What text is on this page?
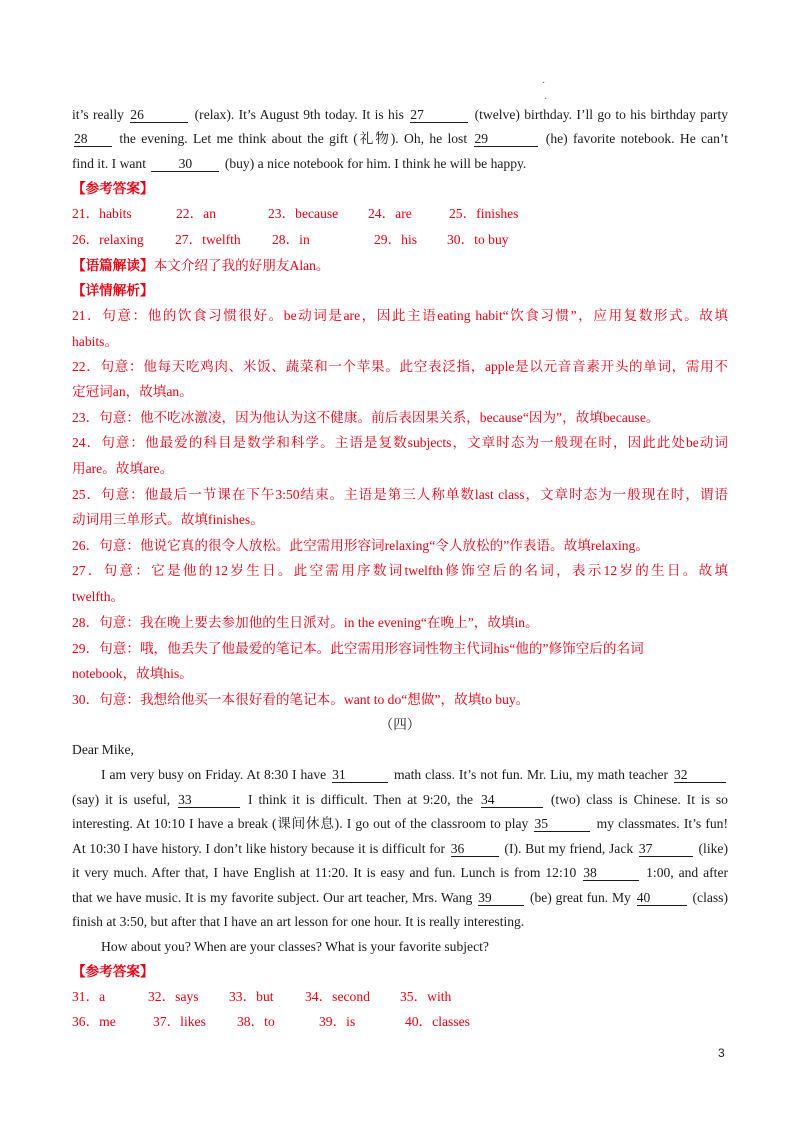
·
·
it’s really 26	(relax). It’s August 9th today. It is his 27	(twelve) birthday. I’ll go to his birthday party
28 the evening. Let me think about the gift (礼物). Oh, he lost 29	(he) favorite notebook. He can’t
find it. I want 30 (buy) a nice notebook for him. I think he will be happy.
【参考答案】
21．habits	22．an	23．because 24．are	25．finishes
26．relaxing 27．twelfth 28．in	29．his 30．to buy
【语篇解读】本文介绍了我的好朋友Alan。
【详情解析】
21．句意：他的饮食习惯很好。be动词是are，因此主语eating habit“饮食习惯”，应用复数形式。故填
habits。
22．句意：他每天吃鸡肉、米饭、蔬菜和一个苹果。此空表泛指，apple是以元音音素开头的单词，需用不
定冠词an，故填an。
23．句意：他不吃冰激凌，因为他认为这不健康。前后表因果关系，because“因为”，故填because。
24．句意：他最爱的科目是数学和科学。主语是复数subjects，文章时态为一般现在时，因此此处be动词
用are。故填are。
25．句意：他最后一节课在下午3:50结束。主语是第三人称单数last class，文章时态为一般现在时，谓语
动词用三单形式。故填finishes。
26．句意：他说它真的很令人放松。此空需用形容词relaxing“令人放松的”作表语。故填relaxing。
27．句意：它是他的12岁生日。此空需用序数词twelfth修饰空后的名词，表示12岁的生日。故填
twelfth。
28．句意：我在晚上要去参加他的生日派对。in the evening“在晚上”，故填in。
29．句意：哦，他丢失了他最爱的笔记本。此空需用形容词性物主代词his“他的”修饰空后的名词
notebook，故填his。
30．句意：我想给他买一本很好看的笔记本。want to do“想做”，故填to buy。
（四）
Dear Mike,
I am very busy on Friday. At 8:30 I have 31	math class. It’s not fun. Mr. Liu, my math teacher 32
(say) it is useful, 33	I think it is difficult. Then at 9:20, the 34	(two) class is Chinese. It is so
interesting. At 10:10 I have a break (课间休息). I go out of the classroom to play 35	my classmates. It’s fun!
At 10:30 I have history. I don’t like history because it is difficult for 36	(I). But my friend, Jack 37	(like)
it very much. After that, I have English at 11:20. It is easy and fun. Lunch is from 12:10 38	1:00, and after
that we have music. It is my favorite subject. Our art teacher, Mrs. Wang 39	(be) great fun. My 40	(class)
finish at 3:50, but after that I have an art lesson for one hour. It is really interesting.
How about you? When are your classes? What is your favorite subject?
【参考答案】
31．a	32．says 33．but 34．second 35．with
36．me	37．likes 38．to	39．is	40．classes
3
